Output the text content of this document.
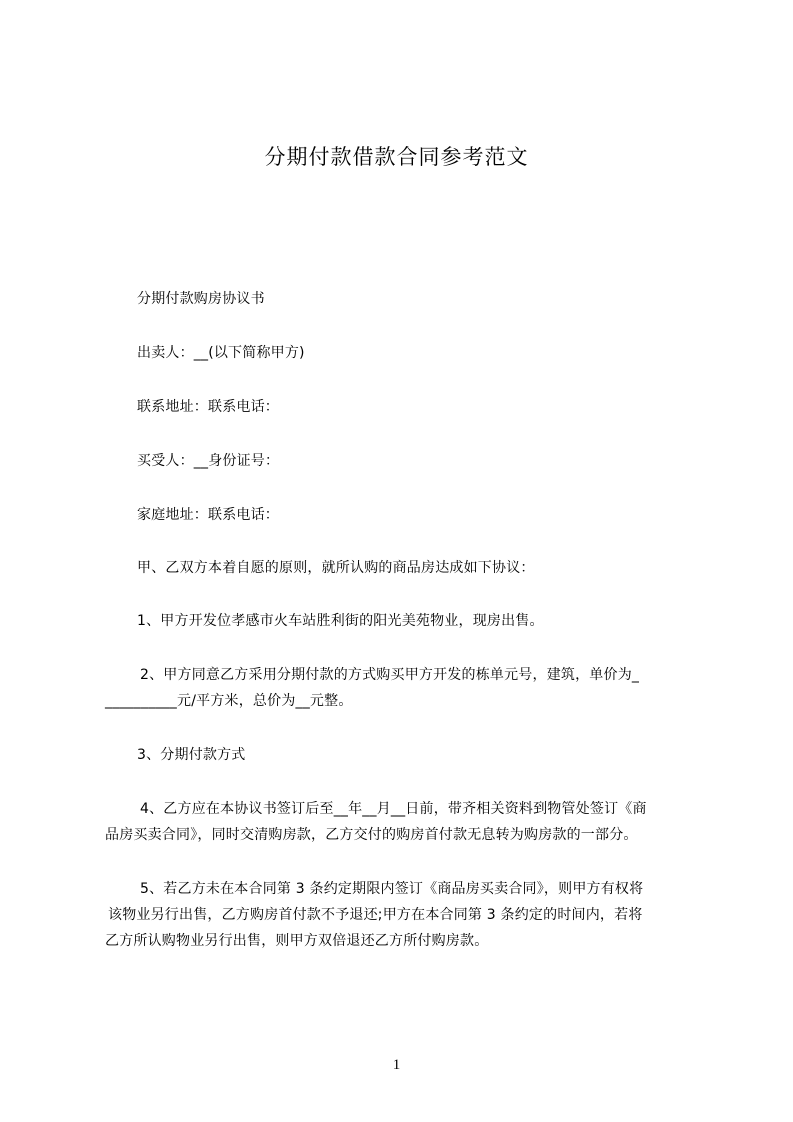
分期付款借款合同参考范文
分期付款购房协议书
出卖人：__(以下简称甲方)
联系地址：联系电话：
买受人：__身份证号：
家庭地址：联系电话：
甲、乙双方本着自愿的原则，就所认购的商品房达成如下协议：
1、甲方开发位孝感市火车站胜利街的阳光美苑物业，现房出售。
2、甲方同意乙方采用分期付款的方式购买甲方开发的栋单元号，建筑，单价为_
__________元/平方米，总价为__元整。
3、分期付款方式
4、乙方应在本协议书签订后至__年__月__日前，带齐相关资料到物管处签订《商
品房买卖合同》，同时交清购房款，乙方交付的购房首付款无息转为购房款的一部分。
5、若乙方未在本合同第 3 条约定期限内签订《商品房买卖合同》，则甲方有权将
该物业另行出售，乙方购房首付款不予退还;甲方在本合同第 3 条约定的时间内，若将
乙方所认购物业另行出售，则甲方双倍退还乙方所付购房款。
1
